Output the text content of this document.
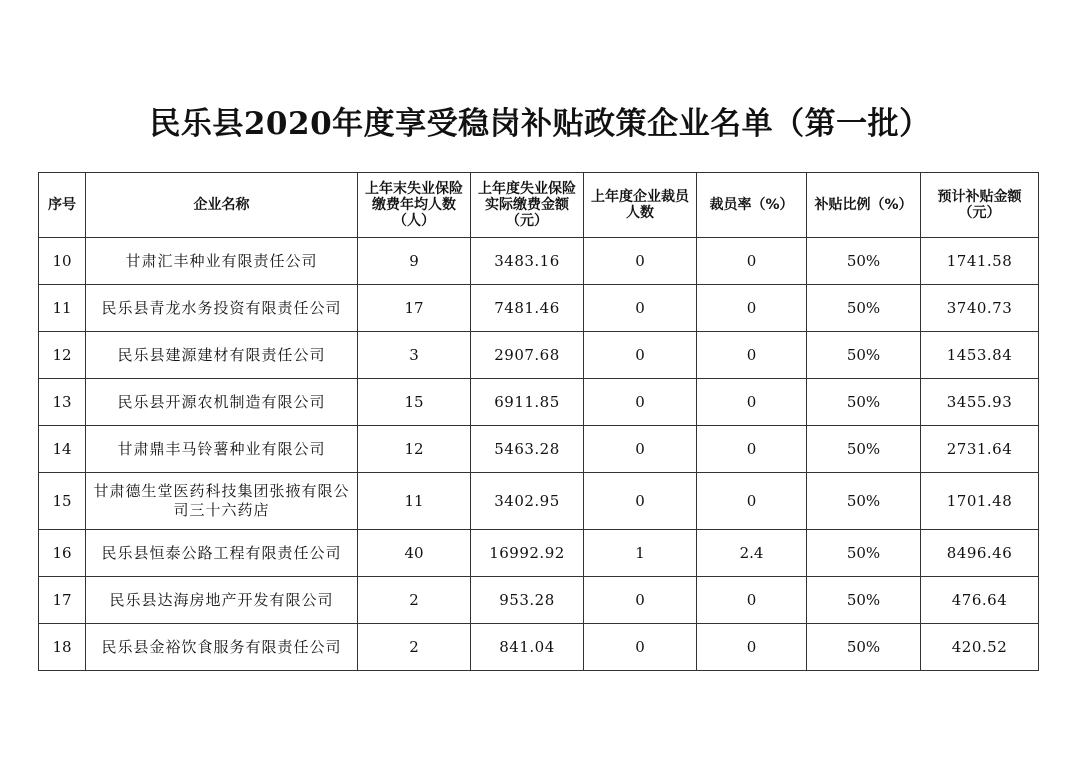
民乐县2020年度享受稳岗补贴政策企业名单（第一批）
序号	企业名称	上年末失业保险缴费年均人数（人）	上年度失业保险实际缴费金额（元）	上年度企业裁员人数	裁员率（%）	补贴比例（%）	预计补贴金额（元）
10	甘肃汇丰种业有限责任公司	9	3483.16	0	0	50%	1741.58
11	民乐县青龙水务投资有限责任公司	17	7481.46	0	0	50%	3740.73
12	民乐县建源建材有限责任公司	3	2907.68	0	0	50%	1453.84
13	民乐县开源农机制造有限公司	15	6911.85	0	0	50%	3455.93
14	甘肃鼎丰马铃薯种业有限公司	12	5463.28	0	0	50%	2731.64
15	甘肃德生堂医药科技集团张掖有限公司三十六药店	11	3402.95	0	0	50%	1701.48
16	民乐县恒泰公路工程有限责任公司	40	16992.92	1	2.4	50%	8496.46
17	民乐县达海房地产开发有限公司	2	953.28	0	0	50%	476.64
18	民乐县金裕饮食服务有限责任公司	2	841.04	0	0	50%	420.52
